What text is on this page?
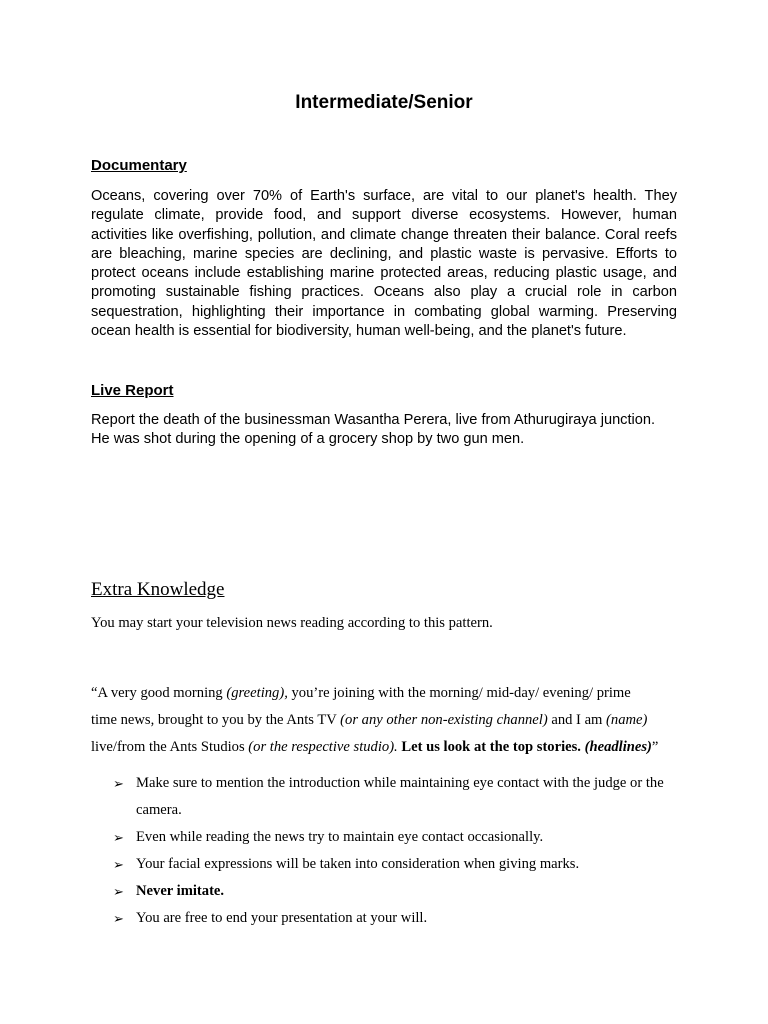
Intermediate/Senior
Documentary
Oceans, covering over 70% of Earth's surface, are vital to our planet's health. They
regulate climate, provide food, and support diverse ecosystems. However, human
activities like overfishing, pollution, and climate change threaten their balance. Coral reefs
are bleaching, marine species are declining, and plastic waste is pervasive. Efforts to
protect oceans include establishing marine protected areas, reducing plastic usage, and
promoting sustainable fishing practices. Oceans also play a crucial role in carbon
sequestration, highlighting their importance in combating global warming. Preserving
ocean health is essential for biodiversity, human well-being, and the planet's future.
Live Report
Report the death of the businessman Wasantha Perera, live from Athurugiraya junction.
He was shot during the opening of a grocery shop by two gun men.
Extra Knowledge
You may start your television news reading according to this pattern.
“A very good morning (greeting), you’re joining with the morning/ mid-day/ evening/ prime
time news, brought to you by the Ants TV (or any other non-existing channel) and I am (name)
live/from the Ants Studios (or the respective studio). Let us look at the top stories. (headlines)”
➢ Make sure to mention the introduction while maintaining eye contact with the judge or the camera.
➢ Even while reading the news try to maintain eye contact occasionally.
➢ Your facial expressions will be taken into consideration when giving marks.
➢ Never imitate.
➢ You are free to end your presentation at your will.
